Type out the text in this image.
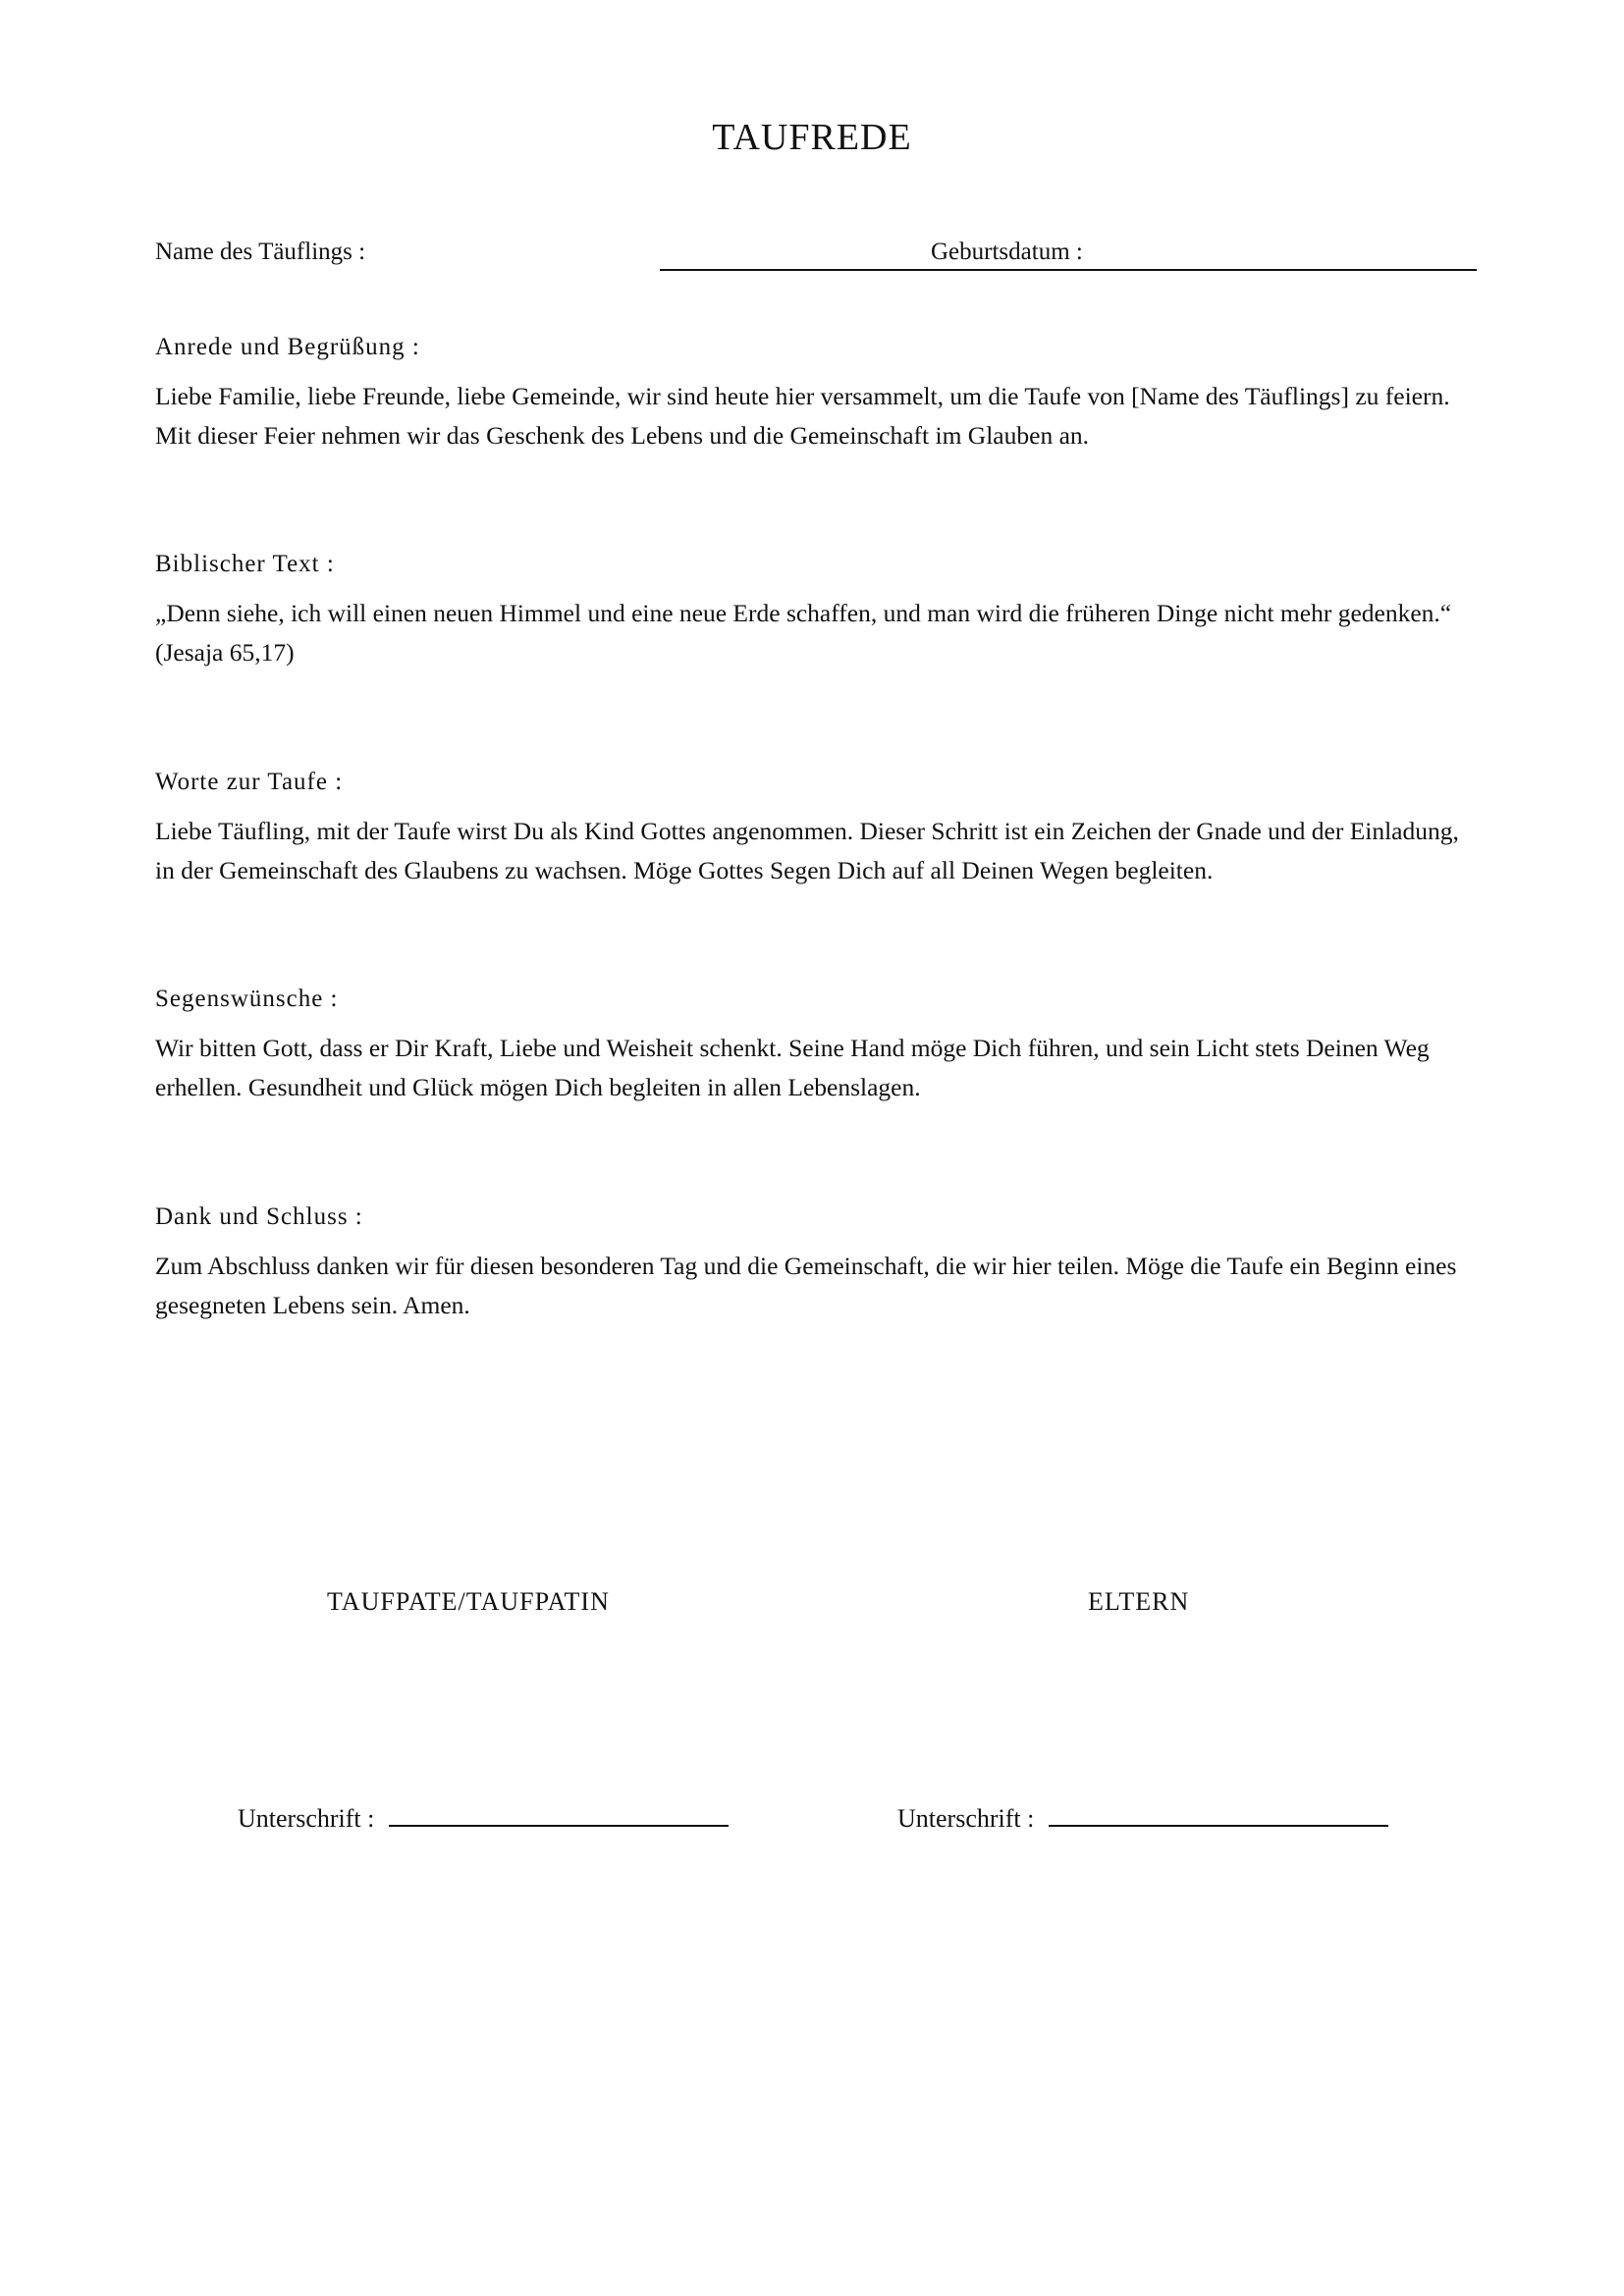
TAUFREDE
Name des Täuflings :	Geburtsdatum :
Anrede und Begrüßung :

Liebe Familie, liebe Freunde, liebe Gemeinde, wir sind heute hier versammelt, um die Taufe von [Name des Täuflings] zu feiern. Mit dieser Feier nehmen wir das Geschenk des Lebens und die Gemeinschaft im Glauben an.

Biblischer Text :

„Denn siehe, ich will einen neuen Himmel und eine neue Erde schaffen, und man wird die früheren Dinge nicht mehr gedenken.“ (Jesaja 65,17)

Worte zur Taufe :

Liebe Täufling, mit der Taufe wirst Du als Kind Gottes angenommen. Dieser Schritt ist ein Zeichen der Gnade und der Einladung, in der Gemeinschaft des Glaubens zu wachsen. Möge Gottes Segen Dich auf all Deinen Wegen begleiten.

Segenswünsche :

Wir bitten Gott, dass er Dir Kraft, Liebe und Weisheit schenkt. Seine Hand möge Dich führen, und sein Licht stets Deinen Weg erhellen. Gesundheit und Glück mögen Dich begleiten in allen Lebenslagen.

Dank und Schluss :

Zum Abschluss danken wir für diesen besonderen Tag und die Gemeinschaft, die wir hier teilen. Möge die Taufe ein Beginn eines gesegneten Lebens sein. Amen.

TAUFPATE/TAUFPATIN	ELTERN
Unterschrift :	Unterschrift :
